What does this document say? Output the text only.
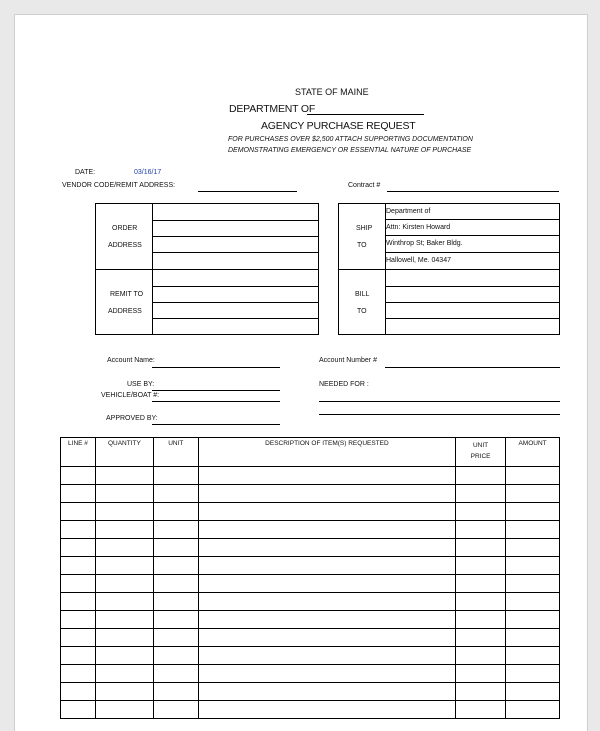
STATE OF MAINE
DEPARTMENT OF
AGENCY PURCHASE REQUEST
FOR PURCHASES OVER $2,500 ATTACH SUPPORTING DOCUMENTATION
DEMONSTRATING EMERGENCY OR ESSENTIAL NATURE OF PURCHASE
DATE:	03/16/17
VENDOR CODE/REMIT ADDRESS:	Contract #
ORDER
ADDRESS
REMIT TO
ADDRESS
SHIP
TO
Department of
Attn: Kirsten Howard
Winthrop St; Baker Bldg.
Hallowell, Me. 04347
BILL
TO
Account Name:	Account Number #
USE BY:	NEEDED FOR :
VEHICLE/BOAT #:
APPROVED BY:
LINE #	QUANTITY	UNIT	DESCRIPTION OF ITEM(S) REQUESTED	UNIT PRICE	AMOUNT
